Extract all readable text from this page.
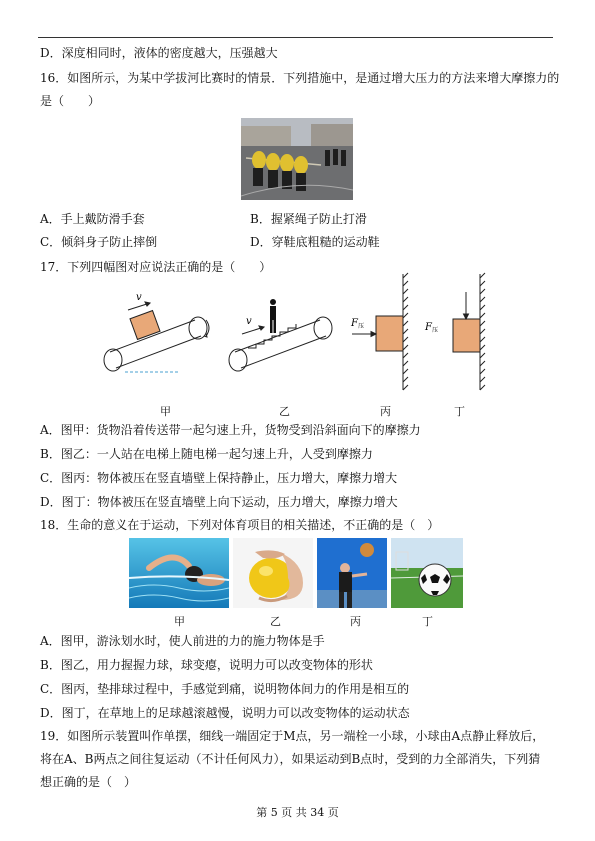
D．深度相同时，液体的密度越大，压强越大
16．如图所示，为某中学拔河比赛时的情景．下列措施中，是通过增大压力的方法来增大摩擦力的
是（　　）
A．手上戴防滑手套	B．握紧绳子防止打滑
C．倾斜身子防止摔倒	D．穿鞋底粗糙的运动鞋
17．下列四幅图对应说法正确的是（　　）
v
v	$F_压$	$F_压$
甲	乙	丙	丁
A．图甲：货物沿着传送带一起匀速上升，货物受到沿斜面向下的摩擦力
B．图乙：一人站在电梯上随电梯一起匀速上升，人受到摩擦力
C．图丙：物体被压在竖直墙壁上保持静止，压力增大，摩擦力增大
D．图丁：物体被压在竖直墙壁上向下运动，压力增大，摩擦力增大
18．生命的意义在于运动，下列对体育项目的相关描述，不正确的是（　）
甲	乙	丙	丁
A．图甲，游泳划水时，使人前进的力的施力物体是手
B．图乙，用力握握力球，球变瘪，说明力可以改变物体的形状
C．图丙，垫排球过程中，手感觉到痛，说明物体间力的作用是相互的
D．图丁，在草地上的足球越滚越慢，说明力可以改变物体的运动状态
19．如图所示装置叫作单摆，细线一端固定于M点，另一端栓一小球，小球由A点静止释放后，
将在A、B两点之间往复运动（不计任何风力），如果运动到B点时，受到的力全部消失，下列猜
想正确的是（　）
第 5 页 共 34 页
